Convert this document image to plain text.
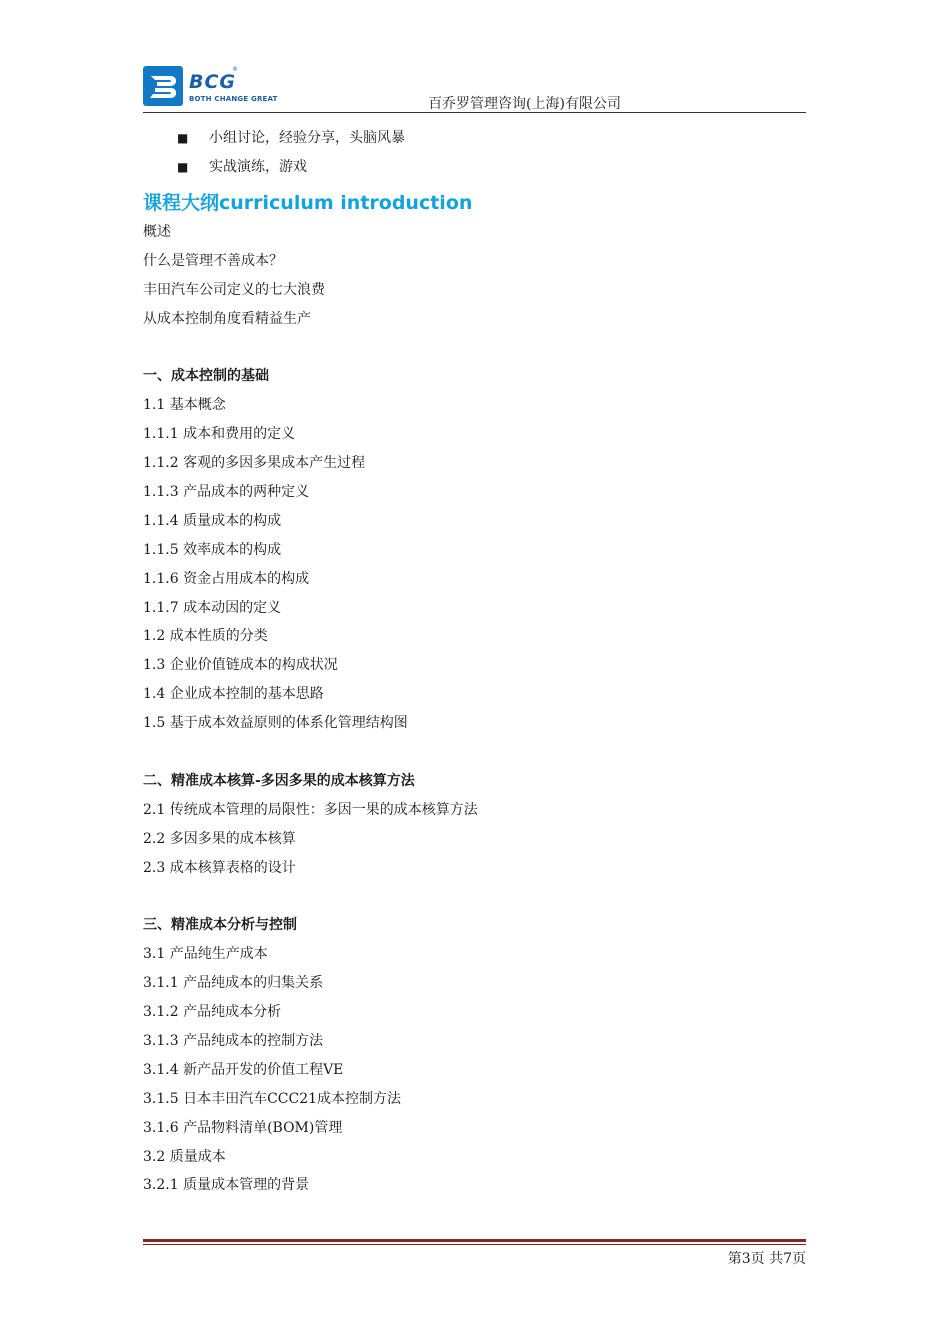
BCG
®
BOTH CHANGE GREAT	百乔罗管理咨询(上海)有限公司
■ 小组讨论，经验分享，头脑风暴
■ 实战演练，游戏
课程大纲curriculum introduction
概述
什么是管理不善成本？
丰田汽车公司定义的七大浪费
从成本控制角度看精益生产
一、成本控制的基础
1.1 基本概念
1.1.1 成本和费用的定义
1.1.2 客观的多因多果成本产生过程
1.1.3 产品成本的两种定义
1.1.4 质量成本的构成
1.1.5 效率成本的构成
1.1.6 资金占用成本的构成
1.1.7 成本动因的定义
1.2 成本性质的分类
1.3 企业价值链成本的构成状况
1.4 企业成本控制的基本思路
1.5 基于成本效益原则的体系化管理结构图
二、精准成本核算-多因多果的成本核算方法
2.1 传统成本管理的局限性：多因一果的成本核算方法
2.2 多因多果的成本核算
2.3 成本核算表格的设计
三、精准成本分析与控制
3.1 产品纯生产成本
3.1.1 产品纯成本的归集关系
3.1.2 产品纯成本分析
3.1.3 产品纯成本的控制方法
3.1.4 新产品开发的价值工程VE
3.1.5 日本丰田汽车CCC21成本控制方法
3.1.6 产品物料清单(BOM)管理
3.2 质量成本
3.2.1 质量成本管理的背景
第3页 共7页
